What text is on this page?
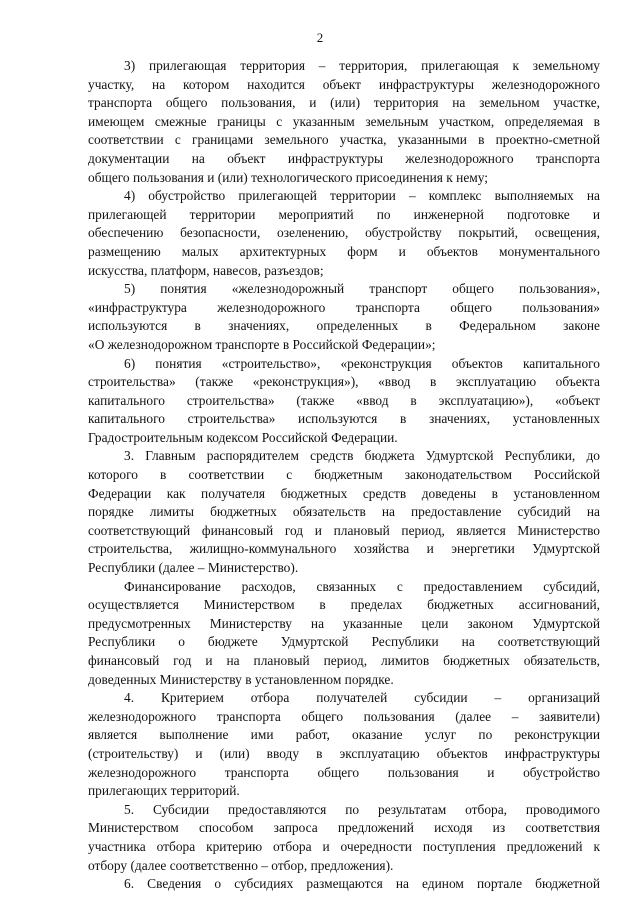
2
3) прилегающая территория – территория, прилегающая к земельному
участку, на котором находится объект инфраструктуры железнодорожного
транспорта общего пользования, и (или) территория на земельном участке,
имеющем смежные границы с указанным земельным участком, определяемая в
соответствии с границами земельного участка, указанными в проектно-сметной
документации на объект инфраструктуры железнодорожного транспорта
общего пользования и (или) технологического присоединения к нему;
4) обустройство прилегающей территории – комплекс выполняемых на
прилегающей территории мероприятий по инженерной подготовке и
обеспечению безопасности, озеленению, обустройству покрытий, освещения,
размещению малых архитектурных форм и объектов монументального
искусства, платформ, навесов, разъездов;
5) понятия «железнодорожный транспорт общего пользования»,
«инфраструктура железнодорожного транспорта общего пользования»
используются в значениях, определенных в Федеральном законе
«О железнодорожном транспорте в Российской Федерации»;
6) понятия «строительство», «реконструкция объектов капитального
строительства» (также «реконструкция»), «ввод в эксплуатацию объекта
капитального строительства» (также «ввод в эксплуатацию»), «объект
капитального строительства» используются в значениях, установленных
Градостроительным кодексом Российской Федерации.
3. Главным распорядителем средств бюджета Удмуртской Республики, до
которого в соответствии с бюджетным законодательством Российской
Федерации как получателя бюджетных средств доведены в установленном
порядке лимиты бюджетных обязательств на предоставление субсидий на
соответствующий финансовый год и плановый период, является Министерство
строительства, жилищно-коммунального хозяйства и энергетики Удмуртской
Республики (далее – Министерство).
Финансирование расходов, связанных с предоставлением субсидий,
осуществляется Министерством в пределах бюджетных ассигнований,
предусмотренных Министерству на указанные цели законом Удмуртской
Республики о бюджете Удмуртской Республики на соответствующий
финансовый год и на плановый период, лимитов бюджетных обязательств,
доведенных Министерству в установленном порядке.
4. Критерием отбора получателей субсидии – организаций
железнодорожного транспорта общего пользования (далее – заявители)
является выполнение ими работ, оказание услуг по реконструкции
(строительству) и (или) вводу в эксплуатацию объектов инфраструктуры
железнодорожного транспорта общего пользования и обустройство
прилегающих территорий.
5. Субсидии предоставляются по результатам отбора, проводимого
Министерством способом запроса предложений исходя из соответствия
участника отбора критерию отбора и очередности поступления предложений к
отбору (далее соответственно – отбор, предложения).
6. Сведения о субсидиях размещаются на едином портале бюджетной
